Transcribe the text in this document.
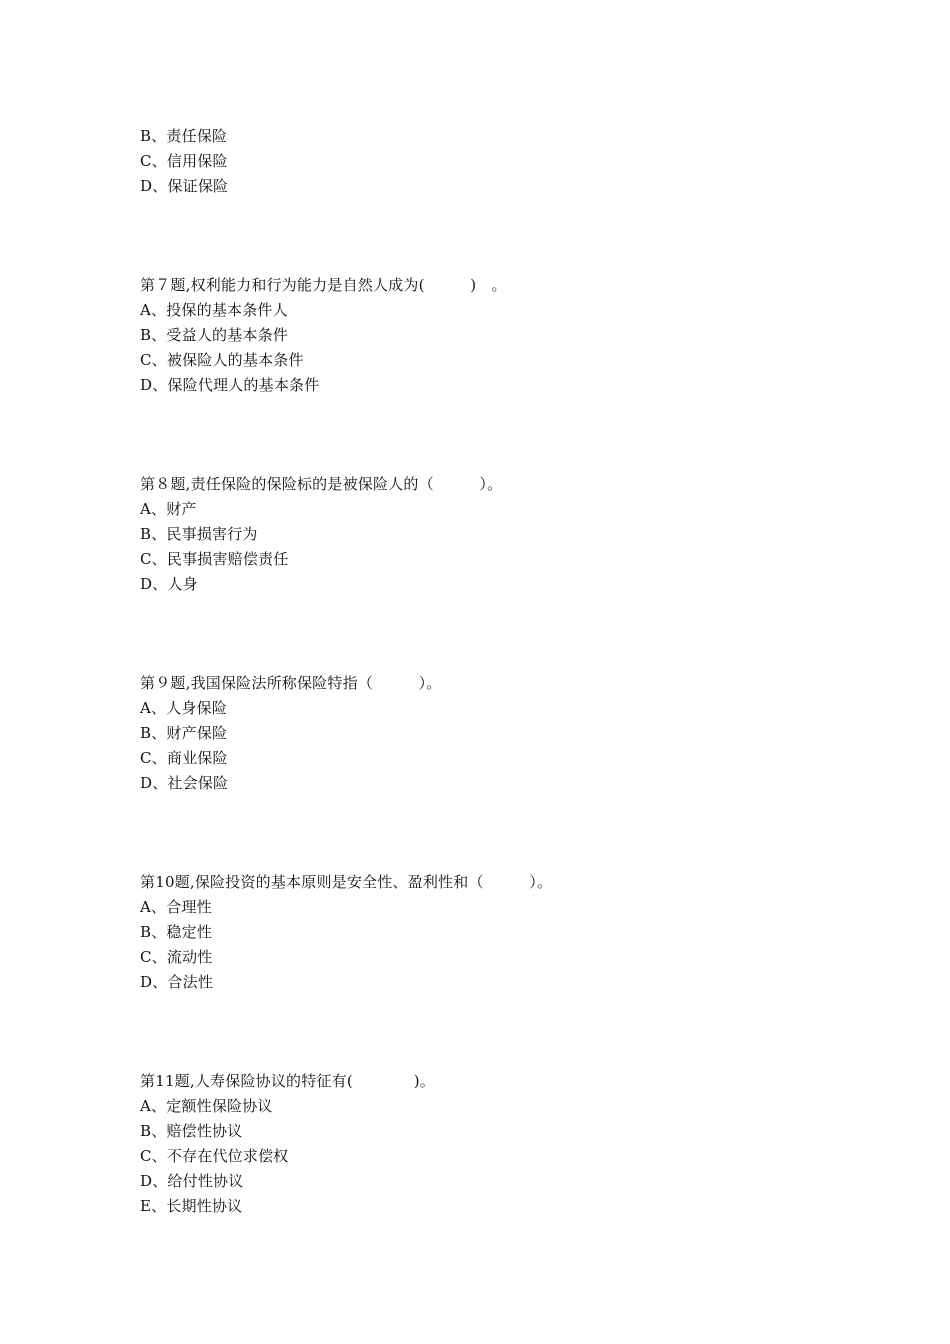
B、责任保险
C、信用保险
D、保证保险
第７题,权利能力和行为能力是自然人成为(　　　)　。
A、投保的基本条件人
B、受益人的基本条件
C、被保险人的基本条件
D、保险代理人的基本条件
第８题,责任保险的保险标的是被保险人的（　　　）。
A、财产
B、民事损害行为
C、民事损害赔偿责任
D、人身
第９题,我国保险法所称保险特指（　　　）。
A、人身保险
B、财产保险
C、商业保险
D、社会保险
第10题,保险投资的基本原则是安全性、盈利性和（　　　）。
A、合理性
B、稳定性
C、流动性
D、合法性
第11题,人寿保险协议的特征有(　　　　)。
A、定额性保险协议
B、赔偿性协议
C、不存在代位求偿权
D、给付性协议
E、长期性协议
